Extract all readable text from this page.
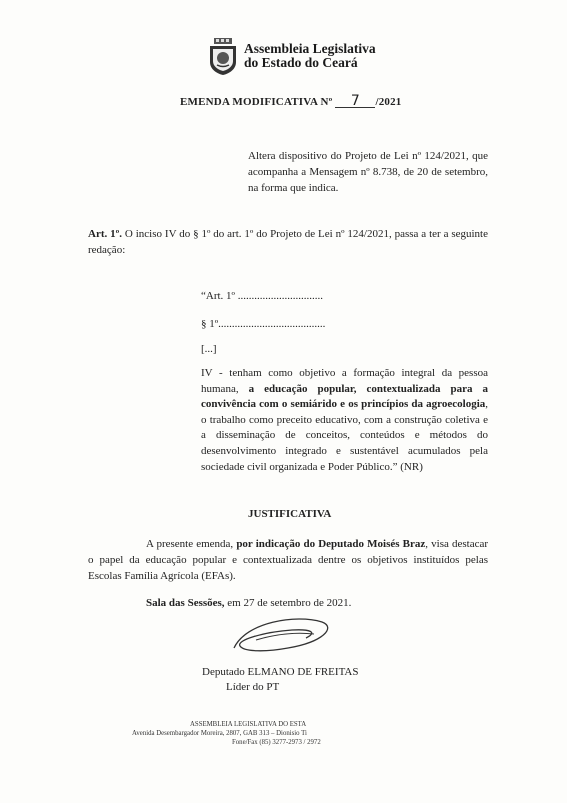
Assembleia Legislativa
do Estado do Ceará
EMENDA MODIFICATIVA Nº 7 /2021
Altera dispositivo do Projeto de Lei nº 124/2021, que acompanha a Mensagem nº 8.738, de 20 de setembro, na forma que indica.
Art. 1º. O inciso IV do § 1º do art. 1º do Projeto de Lei nº 124/2021, passa a ter a seguinte redação:
“Art. 1º ...............................
§ 1º.......................................
[...]
IV - tenham como objetivo a formação integral da pessoa humana, a educação popular, contextualizada para a convivência com o semiárido e os princípios da agroecologia, o trabalho como preceito educativo, com a construção coletiva e a disseminação de conceitos, conteúdos e métodos do desenvolvimento integrado e sustentável acumulados pela sociedade civil organizada e Poder Público.” (NR)
JUSTIFICATIVA
A presente emenda, por indicação do Deputado Moisés Braz, visa destacar o papel da educação popular e contextualizada dentre os objetivos instituídos pelas Escolas Família Agrícola (EFAs).
Sala das Sessões, em 27 de setembro de 2021.
Deputado ELMANO DE FREITAS
Líder do PT
ASSEMBLEIA LEGISLATIVA DO ESTA
Avenida Desembargador Moreira, 2807, GAB 313 – Dionisio Ti
Fone/Fax (85) 3277-2973 / 2972
